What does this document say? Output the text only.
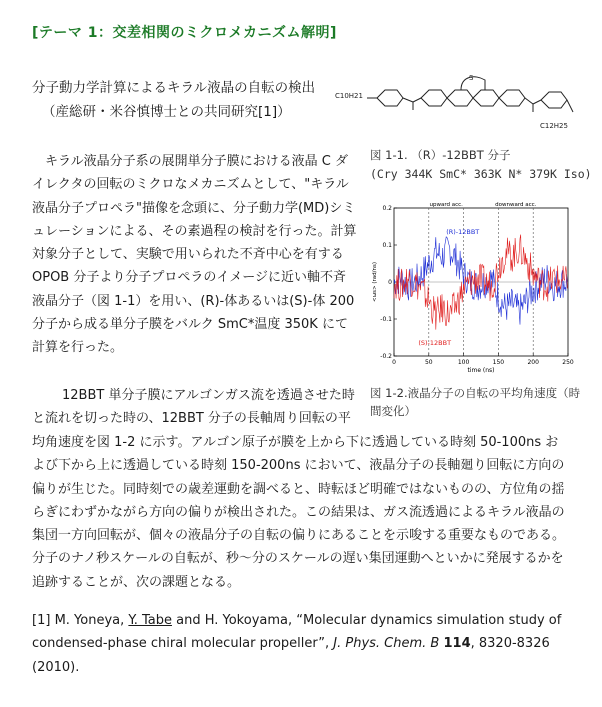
[テーマ 1：交差相関のミクロメカニズム解明]
分子動力学計算によるキラル液晶の自転の検出
（産総研・米谷慎博士との共同研究[1]）
C10H21
C12H25
S
図 1-1. （R）-12BBT 分子
(Cry 344K SmC* 363K N* 379K Iso)
キラル液晶分子系の展開単分子膜における液晶 C ダイレクタの回転のミクロなメカニズムとして、"キラル液晶分子プロペラ"描像を念頭に、分子動力学(MD)シミュレーションによる、その素過程の検討を行った。計算対象分子として、実験で用いられた不斉中心を有する OPOB 分子より分子プロペラのイメージに近い軸不斉液晶分子（図 1-1）を用い、(R)-体あるいは(S)-体 200 分子から成る単分子膜をバルク SmC*温度 350K にて計算を行った。
12BBT 単分子膜にアルゴンガス流を透過させた時と流れを切った時の、12BBT 分子の長軸周り回転の平
均角速度を図 1-2 に示す。アルゴン原子が膜を上から下に透過している時刻 50-100ns および下から上に透過している時刻 150-200ns において、液晶分子の長軸廻り回転に方向の偏りが生じた。同時刻での歳差運動を調べると、時転ほど明確ではないものの、方位角の揺らぎにわずかながら方向の偏りが検出された。この結果は、ガス流透過によるキラル液晶の集団一方向回転が、個々の液晶分子の自転の偏りにあることを示唆する重要なものである。分子のナノ秒スケールの自転が、秒～分のスケールの遅い集団運動へといかに発展するかを追跡することが、次の課題となる。
[1] M. Yoneya, Y. Tabe and H. Yokoyama, “Molecular dynamics simulation study of condensed-phase chiral molecular propeller”, J. Phys. Chem. B 114, 8320-8326 (2010).
upward acc.	downward acc.
0	50	100	150	200	250
0.2
0.1
0
-0.1
-0.2
time (ns)
<ωs> (rad/ns)
(R)-12BBT
(S)-12BBT
図 1-2.液晶分子の自転の平均角速度（時間変化）
